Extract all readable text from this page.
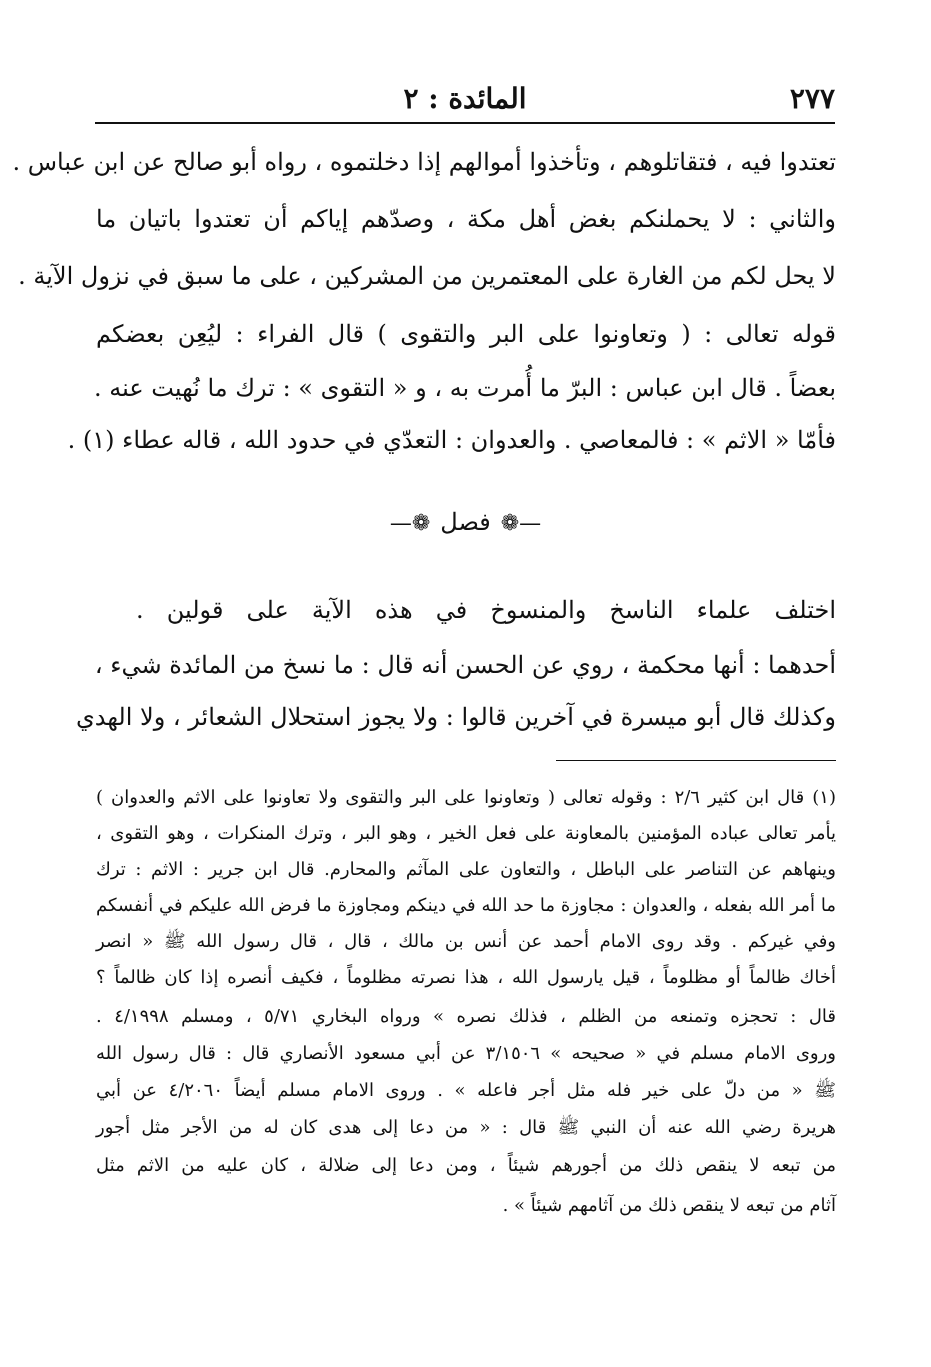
٢٧٧
المائدة : ٢
تعتدوا فيه ، فتقاتلوهم ، وتأخذوا أموالهم إذا دخلتموه ، رواه أبو صالح عن ابن عباس .
والثاني : لا يحملنكم بغض أهل مكة ، وصدّهم إياكم أن تعتدوا باتيان ما
لا يحل لكم من الغارة على المعتمرين من المشركين ، على ما سبق في نزول الآية .
قوله تعالى : ( وتعاونوا على البر والتقوى ) قال الفراء : ليُعِن بعضكم
بعضاً . قال ابن عباس : البرّ ما أُمرت به ، و « التقوى » : ترك ما نُهيت عنه .
فأمّا « الاثم » : فالمعاصي . والعدوان : التعدّي في حدود الله ، قاله عطاء (١) .
—❁فصل❁—
اختلف علماء الناسخ والمنسوخ في هذه الآية على قولين .
أحدهما : أنها محكمة ، روي عن الحسن أنه قال : ما نسخ من المائدة شيء ،
وكذلك قال أبو ميسرة في آخرين قالوا : ولا يجوز استحلال الشعائر ، ولا الهدي
(١) قال ابن كثير ٢/٦ : وقوله تعالى ( وتعاونوا على البر والتقوى ولا تعاونوا على الاثم والعدوان )
يأمر تعالى عباده المؤمنين بالمعاونة على فعل الخير ، وهو البر ، وترك المنكرات ، وهو التقوى ،
وينهاهم عن التناصر على الباطل ، والتعاون على المآثم والمحارم. قال ابن جرير : الاثم : ترك
ما أمر الله بفعله ، والعدوان : مجاوزة ما حد الله في دينكم ومجاوزة ما فرض الله عليكم في أنفسكم
وفي غيركم . وقد روى الامام أحمد عن أنس بن مالك ، قال ، قال رسول الله ﷺ « انصر
أخاك ظالماً أو مظلوماً ، قيل يارسول الله ، هذا نصرته مظلوماً ، فكيف أنصره إذا كان ظالماً ؟
قال : تحجزه وتمنعه من الظلم ، فذلك نصره » ورواه البخاري ٥/٧١ ، ومسلم ٤/١٩٩٨ .
وروى الامام مسلم في « صحيحه » ٣/١٥٠٦ عن أبي مسعود الأنصاري قال : قال رسول الله
ﷺ « من دلّ على خير فله مثل أجر فاعله » . وروى الامام مسلم أيضاً ٤/٢٠٦٠ عن أبي
هريرة رضي الله عنه أن النبي ﷺ قال : « من دعا إلى هدى كان له من الأجر مثل أجور
من تبعه لا ينقص ذلك من أجورهم شيئاً ، ومن دعا إلى ضلالة ، كان عليه من الاثم مثل
آثام من تبعه لا ينقص ذلك من آثامهم شيئاً » .
